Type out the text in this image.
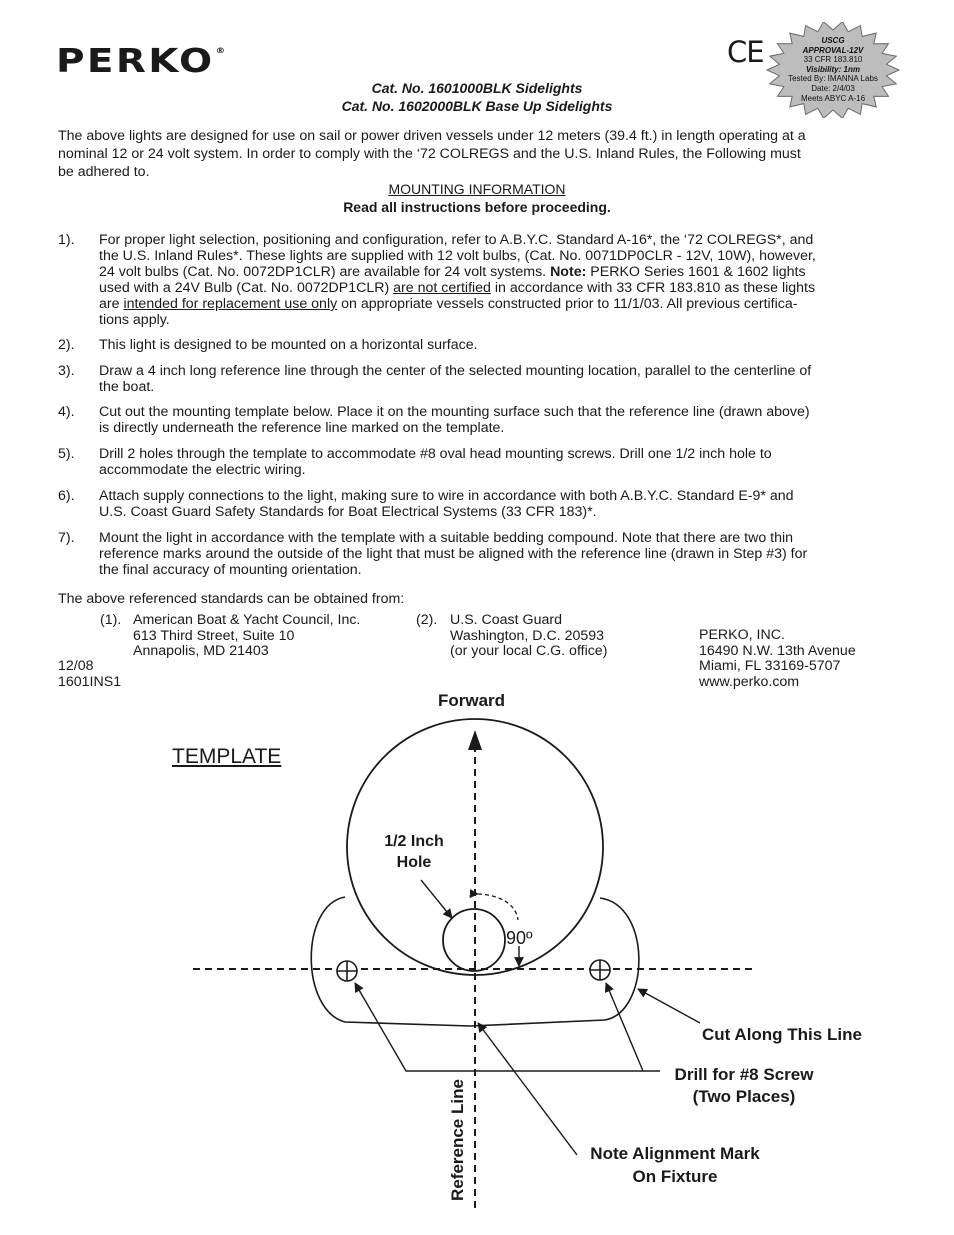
PERKO®	CE	USCG
APPROVAL-12V
33 CFR 183.810
Visibility: 1nm
Tested By: IMANNA Labs
Date: 2/4/03
Meets ABYC A-16
Cat. No. 1601000BLK Sidelights
Cat. No. 1602000BLK Base Up Sidelights
The above lights are designed for use on sail or power driven vessels under 12 meters (39.4 ft.) in length operating at a
nominal 12 or 24 volt system. In order to comply with the ‘72 COLREGS and the U.S. Inland Rules, the Following must
be adhered to.
MOUNTING INFORMATION
Read all instructions before proceeding.
1). For proper light selection, positioning and configuration, refer to A.B.Y.C. Standard A-16*, the ‘72 COLREGS*, and
the U.S. Inland Rules*. These lights are supplied with 12 volt bulbs, (Cat. No. 0071DP0CLR - 12V, 10W), however,
24 volt bulbs (Cat. No. 0072DP1CLR) are available for 24 volt systems. Note: PERKO Series 1601 & 1602 lights
used with a 24V Bulb (Cat. No. 0072DP1CLR) are not certified in accordance with 33 CFR 183.810 as these lights
are intended for replacement use only on appropriate vessels constructed prior to 11/1/03. All previous certifica-
tions apply.
2). This light is designed to be mounted on a horizontal surface.
3). Draw a 4 inch long reference line through the center of the selected mounting location, parallel to the centerline of
the boat.
4). Cut out the mounting template below. Place it on the mounting surface such that the reference line (drawn above)
is directly underneath the reference line marked on the template.
5). Drill 2 holes through the template to accommodate #8 oval head mounting screws. Drill one 1/2 inch hole to
accommodate the electric wiring.
6). Attach supply connections to the light, making sure to wire in accordance with both A.B.Y.C. Standard E-9* and
U.S. Coast Guard Safety Standards for Boat Electrical Systems (33 CFR 183)*.
7). Mount the light in accordance with the template with a suitable bedding compound. Note that there are two thin
reference marks around the outside of the light that must be aligned with the reference line (drawn in Step #3) for
the final accuracy of mounting orientation.
The above referenced standards can be obtained from:
(1). American Boat & Yacht Council, Inc.
613 Third Street, Suite 10
Annapolis, MD 21403
(2). U.S. Coast Guard
Washington, D.C. 20593
(or your local C.G. office)
PERKO, INC.
16490 N.W. 13th Avenue
Miami, FL 33169-5707
www.perko.com
12/08
1601INS1
TEMPLATE
Forward
1/2 Inch
Hole
90º
Cut Along This Line
Drill for #8 Screw
(Two Places)
Note Alignment Mark
On Fixture
Reference Line
